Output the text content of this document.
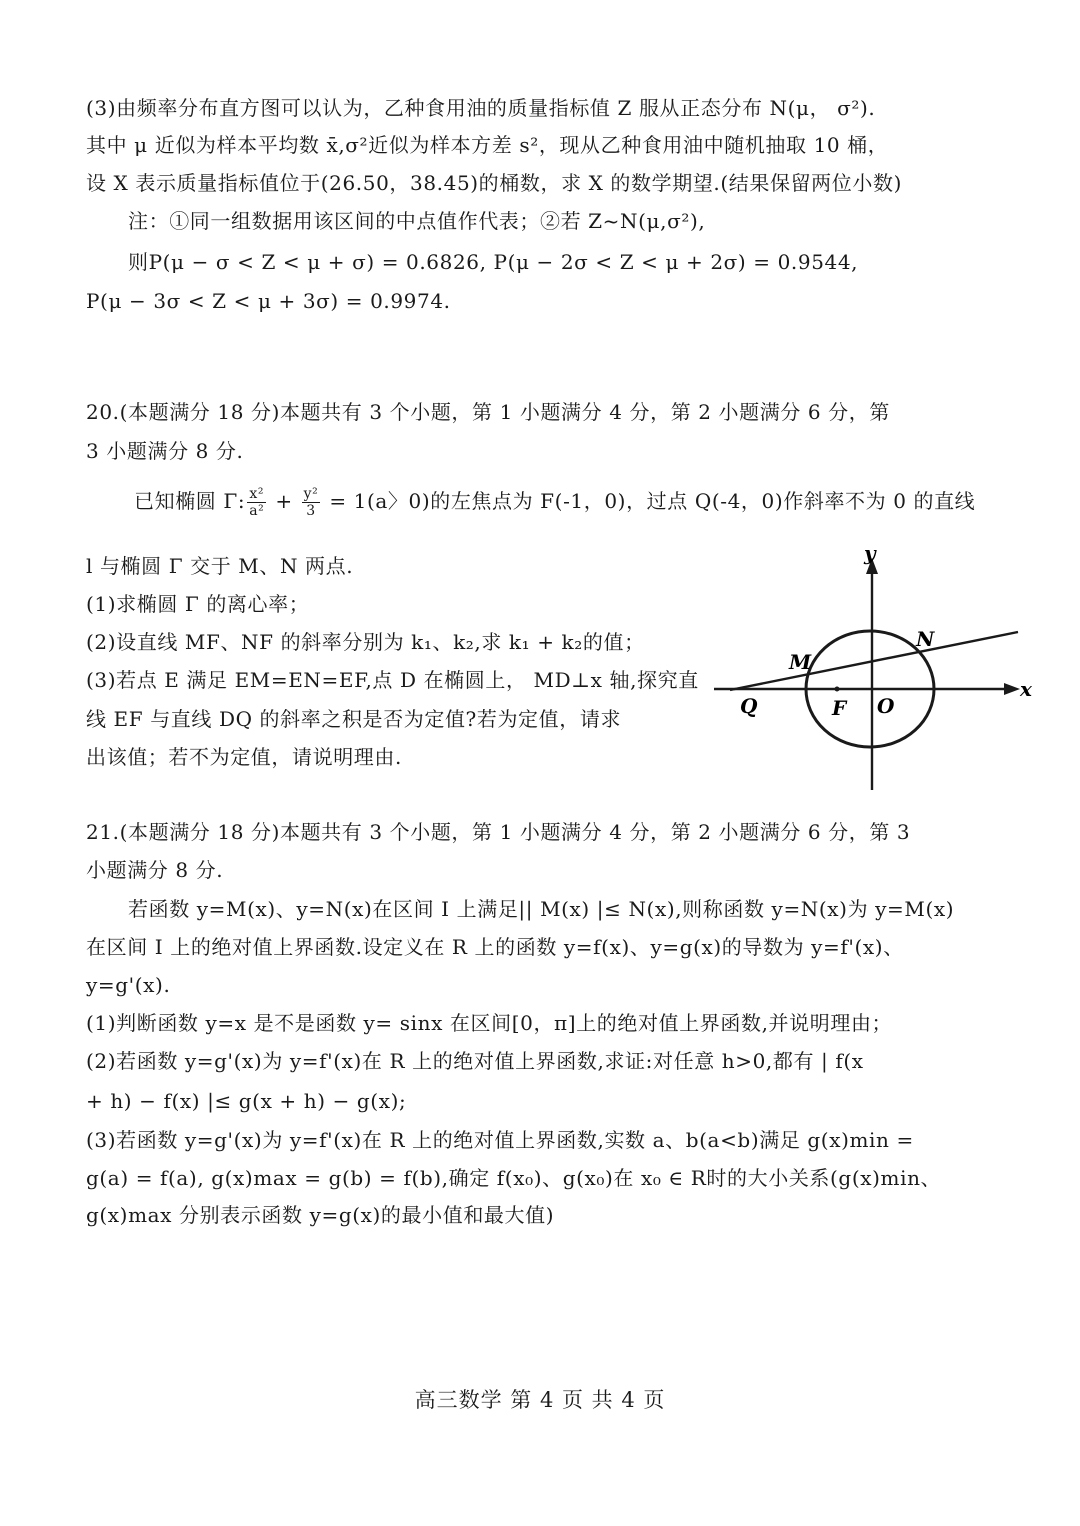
(3)由频率分布直方图可以认为，乙种食用油的质量指标值 Z 服从正态分布 N(μ， σ²).
其中 μ 近似为样本平均数 x̄,σ²近似为样本方差 s²，现从乙种食用油中随机抽取 10 桶，
设 X 表示质量指标值位于(26.50，38.45)的桶数，求 X 的数学期望.(结果保留两位小数)
注：①同一组数据用该区间的中点值作代表；②若 Z~N(μ,σ²),
则P(μ − σ < Z < μ + σ) = 0.6826, P(μ − 2σ < Z < μ + 2σ) = 0.9544,
P(μ − 3σ < Z < μ + 3σ) = 0.9974.
20.(本题满分 18 分)本题共有 3 个小题，第 1 小题满分 4 分，第 2 小题满分 6 分，第
3 小题满分 8 分.
已知椭圆 Γ: $\frac{\text{x²}}{\text{a²}} + \frac{\text{y²}}{3} = 1(a$〉0)的左焦点为 F(-1，0)，过点 Q(-4，0)作斜率不为 0 的直线
l 与椭圆 Γ 交于 M、N 两点.
(1)求椭圆 Γ 的离心率；
(2)设直线 MF、NF 的斜率分别为 k₁、k₂,求 k₁ + k₂的值；
(3)若点 E 满足 EM=EN=EF,点 D 在椭圆上， MD⊥x 轴,探究直
线 EF 与直线 DQ 的斜率之积是否为定值?若为定值，请求
出该值；若不为定值，请说明理由.
y
x
N
M
Q	F O
21.(本题满分 18 分)本题共有 3 个小题，第 1 小题满分 4 分，第 2 小题满分 6 分，第 3
小题满分 8 分.
若函数 y=M(x)、y=N(x)在区间 I 上满足|| M(x) |≤ N(x),则称函数 y=N(x)为 y=M(x)
在区间 I 上的绝对值上界函数.设定义在 R 上的函数 y=f(x)、y=g(x)的导数为 y=f'(x)、
y=g'(x).
(1)判断函数 y=x 是不是函数 y= sinx 在区间[0，π]上的绝对值上界函数,并说明理由；
(2)若函数 y=g'(x)为 y=f'(x)在 R 上的绝对值上界函数,求证:对任意 h>0,都有 | f(x
+ h) − f(x) |≤ g(x + h) − g(x);
(3)若函数 y=g'(x)为 y=f'(x)在 R 上的绝对值上界函数,实数 a、b(a<b)满足 g(x)min =
g(a) = f(a), g(x)max = g(b) = f(b),确定 f(x₀)、g(x₀)在 x₀ ∈ R时的大小关系(g(x)min、
g(x)max 分别表示函数 y=g(x)的最小值和最大值)
高三数学 第 4 页 共 4 页
